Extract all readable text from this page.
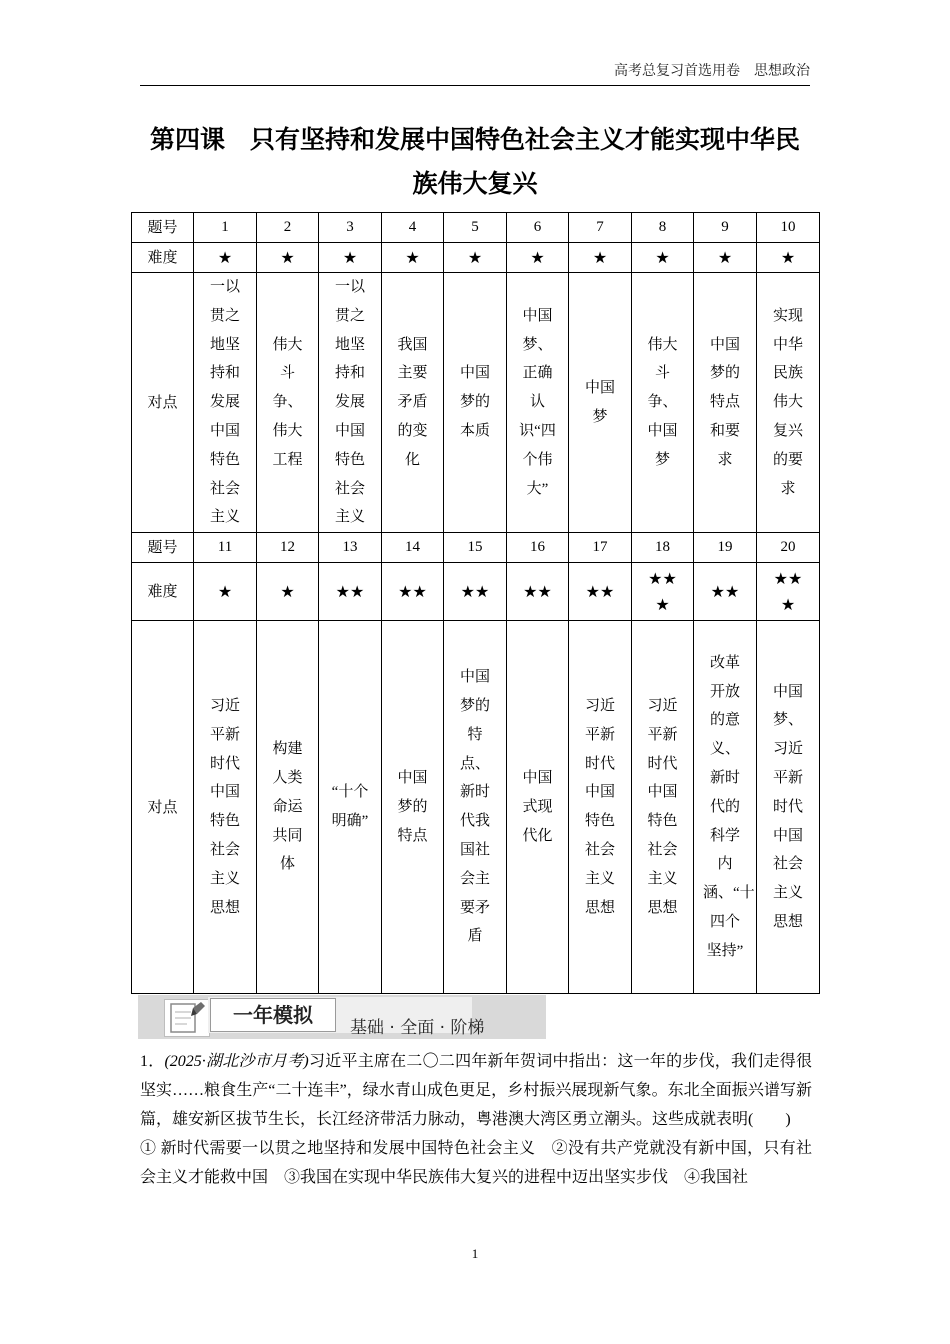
高考总复习首选用卷　思想政治
第四课　只有坚持和发展中国特色社会主义才能实现中华民
族伟大复兴
题号	1	2	3	4	5	6	7	8	9	10
难度	★	★	★	★	★	★	★	★	★	★
对点	一以贯之地坚持和发展中国特色社会主义	伟大斗争、伟大工程	一以贯之地坚持和发展中国特色社会主义	我国主要矛盾的变化	中国梦的本质	中国梦、正确认识“四个伟大”	中国梦	伟大斗争、中国梦	中国梦的特点和要求	实现中华民族伟大复兴的要求
题号	11	12	13	14	15	16	17	18	19	20
难度	★	★	★★	★★	★★	★★	★★	★★★	★★	★★★

对点	习近平新时代中国特色社会主义思想	构建人类命运共同体	“十个明确”	中国梦的特点	中国梦的特点、新时代我国社会主要矛盾	中国式现代化	习近平新时代中国特色社会主义思想	习近平新时代中国特色社会主义思想	改革开放的意义、新时代的科学内涵、“十四个坚持”	中国梦、习近平新时代中国社会主义思想
一年模拟
基础 · 全面 · 阶梯

1．(2025·湖北沙市月考)习近平主席在二〇二四年新年贺词中指出：这一年的步伐，我们走得很坚实……粮食生产“二十连丰”，绿水青山成色更足，乡村振兴展现新气象。东北全面振兴谱写新篇，雄安新区拔节生长，长江经济带活力脉动，粤港澳大湾区勇立潮头。这些成就表明(　　)

① 新时代需要一以贯之地坚持和发展中国特色社会主义　②没有共产党就没有新中国，只有社会主义才能救中国　③我国在实现中华民族伟大复兴的进程中迈出坚实步伐　④我国社

1
